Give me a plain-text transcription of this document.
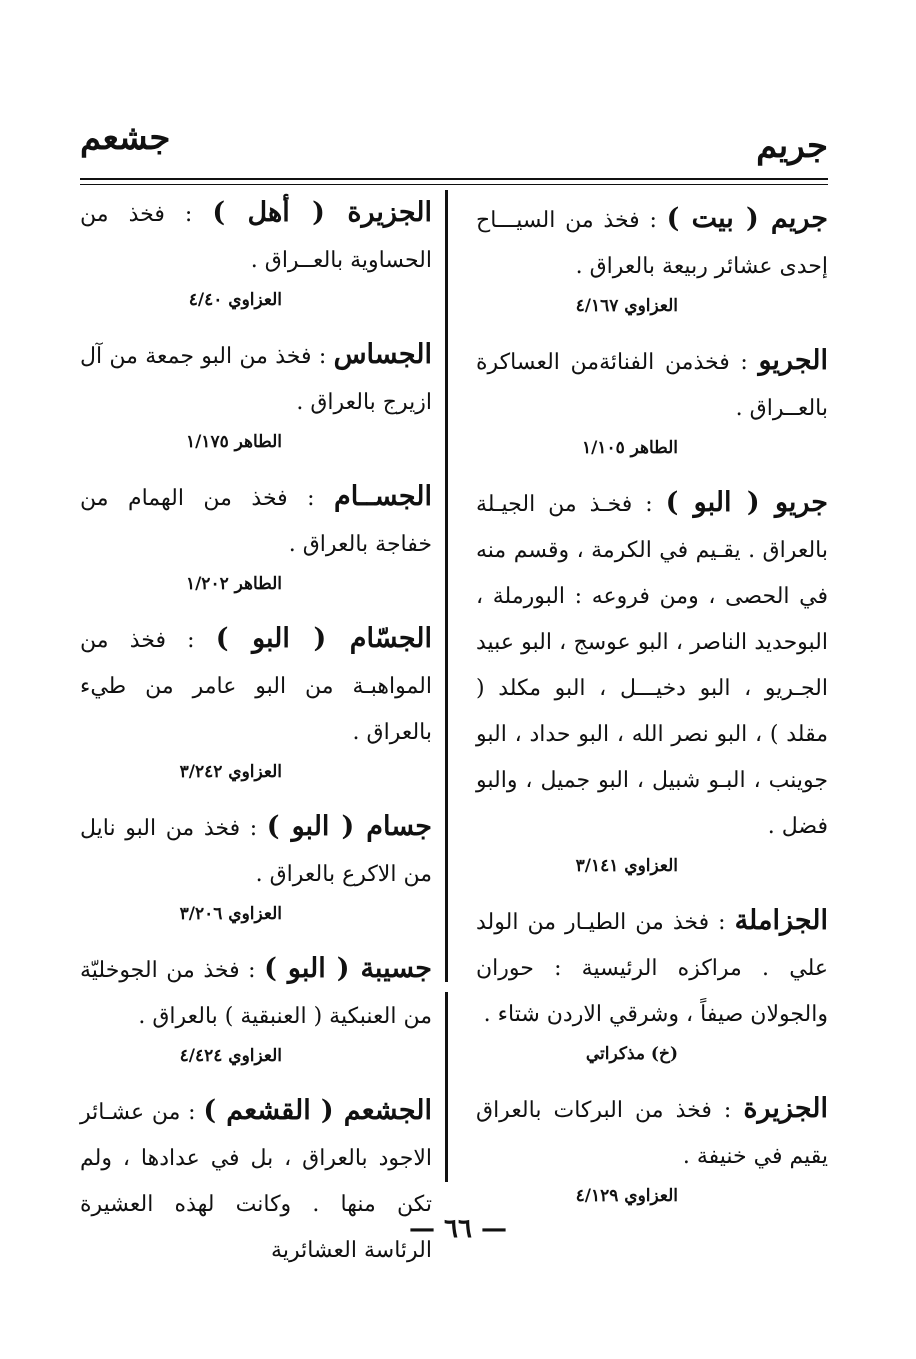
جريم
جشعم

جريم ( بيت ) : فخذ من السيـــاح إحدى عشائر ربيعة بالعراق .

العزاوي ٤/١٦٧

الجريو : فخذمن الفنائةمن العساكرة بالعــراق .

الطاهر ١/١٠٥

جريو ( البو ) : فخـذ من الجيـلة بالعراق . يقـيم في الكرمة ، وقسم منه في الحصى ، ومن فروعه : البورملة ، البوحديد الناصر ، البو عوسج ، البو عبيد الجـريو ، البو دخيـــل ، البو مكلد ( مقلد ) ، البو نصر الله ، البو حداد ، البو جوينب ، البـو شبيل ، البو جميل ، والبو فضل .

العزاوي ٣/١٤١

الجزاملة : فخذ من الطيـار من الولد علي . مراكزه الرئيسية : حوران والجولان صيفاً ، وشرقي الاردن شتاء .

(خ) مذكراتي

الجزيرة : فخذ من البركات بالعراق يقيم في خنيفة .

العزاوي ٤/١٢٩

الجزيرة ( أهل ) : فخذ من الحساوية بالعــراق .

العزاوي ٤/٤٠

الجساس : فخذ من البو جمعة من آل ازيرج بالعراق .

الطاهر ١/١٧٥

الجســام : فخذ من الهمام من خفاجة بالعراق .

الطاهر ١/٢٠٢

الجسّام ( البو ) : فخذ من المواهبـة من البو عامر من طيء بالعراق .

العزاوي ٣/٢٤٢

جسام ( البو ) : فخذ من البو نايل من الاكرع بالعراق .

العزاوي ٣/٢٠٦

جسيبة ( البو ) : فخذ من الجوخليّة من العنبكية ( العنبقية ) بالعراق .

العزاوي ٤/٤٢٤

الجشعم ( القشعم ) : من عشـائر الاجود بالعراق ، بل في عدادها ، ولم تكن منها . وكانت لهذه العشيرة الرئاسة العشائرية

— ٦٦ —
